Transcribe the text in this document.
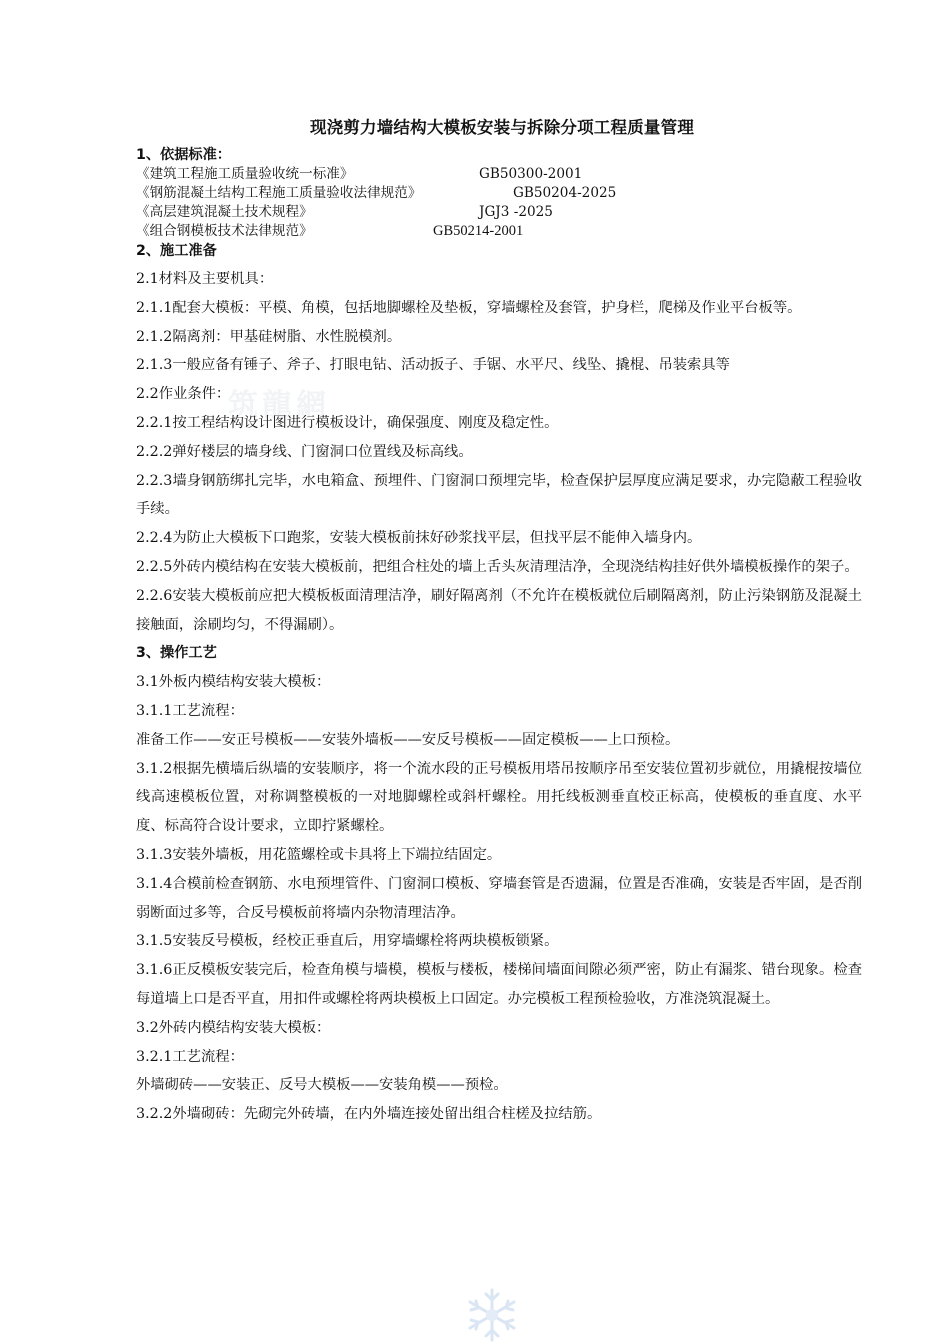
筑龍網
现浇剪力墙结构大模板安装与拆除分项工程质量管理
1、依据标准：
《建筑工程施工质量验收统一标准》	GB50300-2001
《钢筋混凝土结构工程施工质量验收法律规范》	GB50204-2025
《高层建筑混凝土技术规程》	JGJ3 -2025
《组合钢模板技术法律规范》	GB50214-2001
2、施工准备

2.1材料及主要机具：

2.1.1配套大模板：平模、角模，包括地脚螺栓及垫板，穿墙螺栓及套管，护身栏，爬梯及作业平台板等。

2.1.2隔离剂：甲基硅树脂、水性脱模剂。

2.1.3一般应备有锤子、斧子、打眼电钻、活动扳子、手锯、水平尺、线坠、撬棍、吊装索具等

2.2作业条件：

2.2.1按工程结构设计图进行模板设计，确保强度、刚度及稳定性。

2.2.2弹好楼层的墙身线、门窗洞口位置线及标高线。

2.2.3墙身钢筋绑扎完毕，水电箱盒、预埋件、门窗洞口预埋完毕，检查保护层厚度应满足要求，办完隐蔽工程验收手续。

2.2.4为防止大模板下口跑浆，安装大模板前抹好砂浆找平层，但找平层不能伸入墙身内。

2.2.5外砖内模结构在安装大模板前，把组合柱处的墙上舌头灰清理洁净，全现浇结构挂好供外墙模板操作的架子。

2.2.6安装大模板前应把大模板板面清理洁净，刷好隔离剂（不允许在模板就位后刷隔离剂，防止污染钢筋及混凝土接触面，涂刷均匀，不得漏刷）。

3、操作工艺

3.1外板内模结构安装大模板：

3.1.1工艺流程：

准备工作——安正号模板——安装外墙板——安反号模板——固定模板——上口预检。

3.1.2根据先横墙后纵墙的安装顺序，将一个流水段的正号模板用塔吊按顺序吊至安装位置初步就位，用撬棍按墙位线高速模板位置，对称调整模板的一对地脚螺栓或斜杆螺栓。用托线板测垂直校正标高，使模板的垂直度、水平度、标高符合设计要求，立即拧紧螺栓。

3.1.3安装外墙板，用花篮螺栓或卡具将上下端拉结固定。

3.1.4合模前检查钢筋、水电预埋管件、门窗洞口模板、穿墙套管是否遗漏，位置是否准确，安装是否牢固，是否削弱断面过多等，合反号模板前将墙内杂物清理洁净。

3.1.5安装反号模板，经校正垂直后，用穿墙螺栓将两块模板锁紧。

3.1.6正反模板安装完后，检查角模与墙模，模板与楼板，楼梯间墙面间隙必须严密，防止有漏浆、错台现象。检查每道墙上口是否平直，用扣件或螺栓将两块模板上口固定。办完模板工程预检验收，方准浇筑混凝土。

3.2外砖内模结构安装大模板：

3.2.1工艺流程：

外墙砌砖——安装正、反号大模板——安装角模——预检。

3.2.2外墙砌砖：先砌完外砖墙，在内外墙连接处留出组合柱槎及拉结筋。
